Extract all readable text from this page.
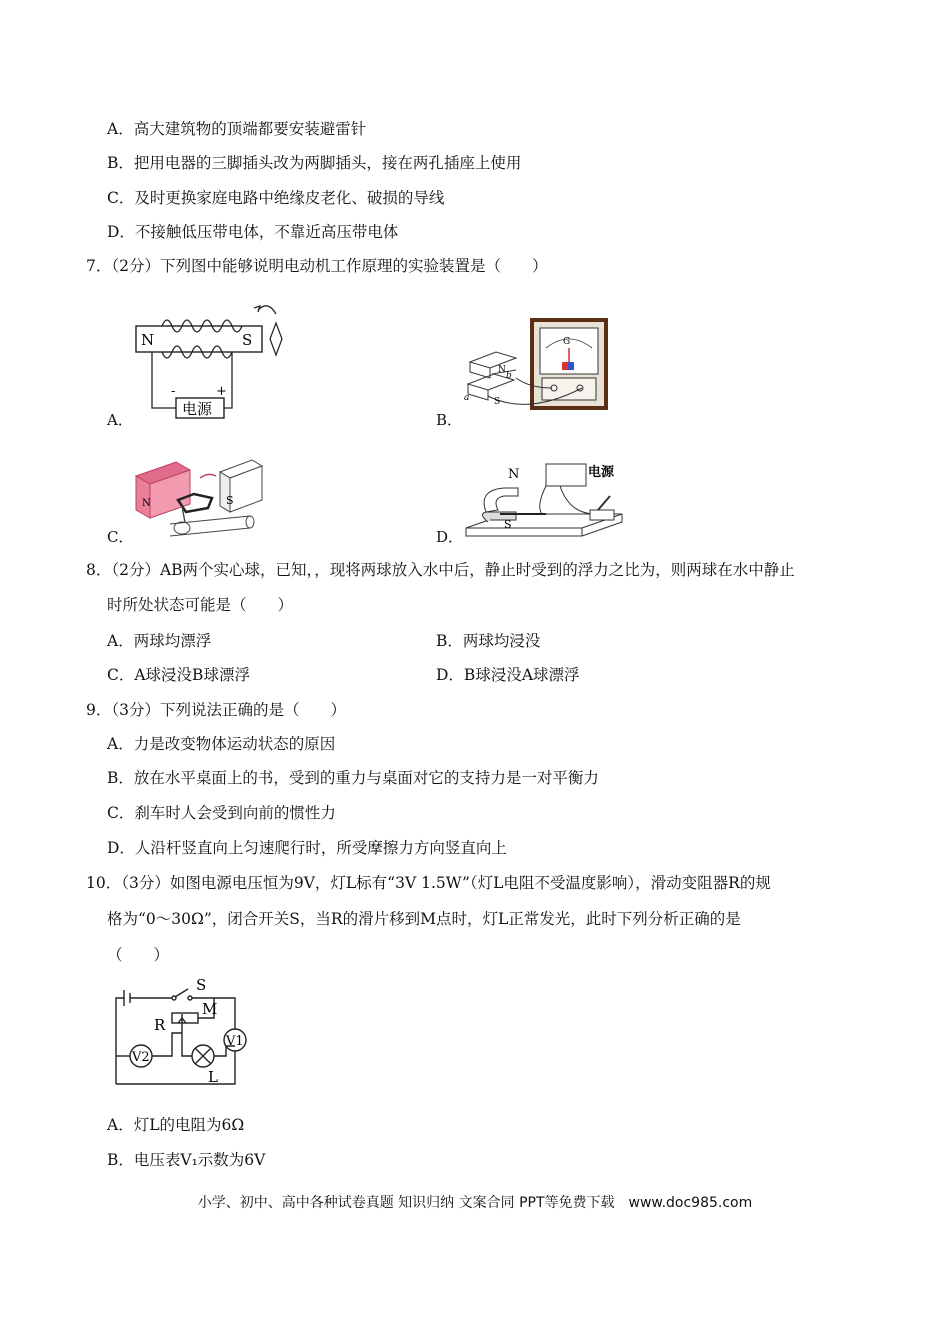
A．高大建筑物的顶端都要安装避雷针
B．把用电器的三脚插头改为两脚插头，接在两孔插座上使用
C．及时更换家庭电路中绝缘皮老化、破损的导线
D．不接触低压带电体，不靠近高压带电体
7．（2分）下列图中能够说明电动机工作原理的实验装置是（　　）
A．
N	S
-	+
电源
B．
G
N
S
a
b
C．
N	S
D．
N	电源
S
8．（2分）AB两个实心球，已知，，现将两球放入水中后，静止时受到的浮力之比为，则两球在水中静止
时所处状态可能是（　　）
A．两球均漂浮	B．两球均浸没
C．A球浸没B球漂浮	D．B球浸没A球漂浮
9．（3分）下列说法正确的是（　　）
A．力是改变物体运动状态的原因
B．放在水平桌面上的书，受到的重力与桌面对它的支持力是一对平衡力
C．刹车时人会受到向前的惯性力
D．人沿杆竖直向上匀速爬行时，所受摩擦力方向竖直向上
10．（3分）如图电源电压恒为9V，灯L标有“3V 1.5W”（灯L电阻不受温度影响），滑动变阻器R的规
格为“0～30Ω”，闭合开关S，当R的滑片移到M点时，灯L正常发光，此时下列分析正确的是
（　　）
S
M
R
V1
V2
L
A．灯L的电阻为6Ω
B．电压表V₁示数为6V
小学、初中、高中各种试卷真题 知识归纳 文案合同 PPT等免费下载　www.doc985.com
